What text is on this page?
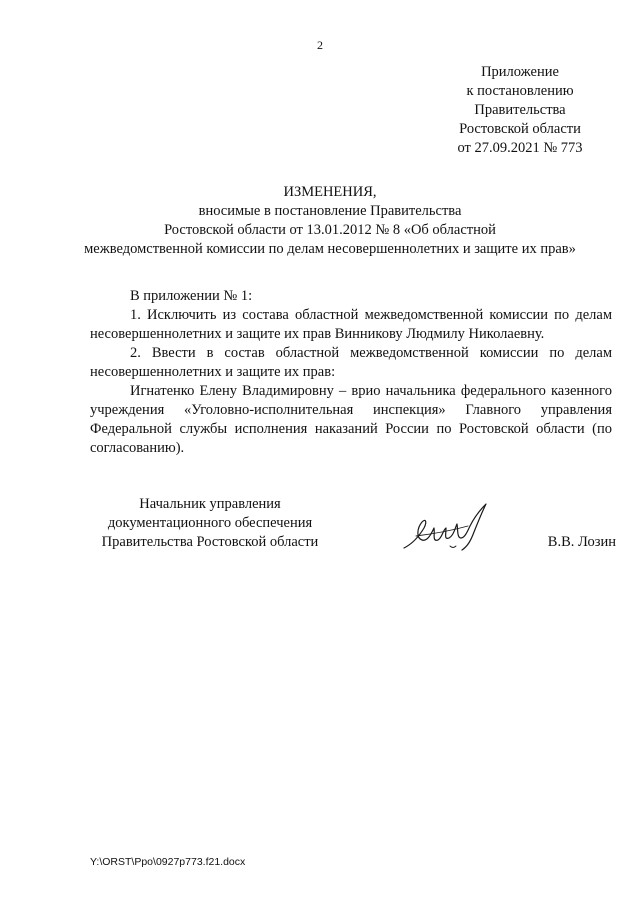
2
Приложение
к постановлению
Правительства
Ростовской области
от 27.09.2021 № 773
ИЗМЕНЕНИЯ,
вносимые в постановление Правительства
Ростовской области от 13.01.2012 № 8 «Об областной
межведомственной комиссии по делам несовершеннолетних и защите их прав»

В приложении № 1:

1. Исключить из состава областной межведомственной комиссии по делам несовершеннолетних и защите их прав Винникову Людмилу Николаевну.

2. Ввести в состав областной межведомственной комиссии по делам несовершеннолетних и защите их прав:

Игнатенко Елену Владимировну – врио начальника федерального казенного учреждения «Уголовно-исполнительная инспекция» Главного управления Федеральной службы исполнения наказаний России по Ростовской области (по согласованию).

Начальник управления
документационного обеспечения
Правительства Ростовской области	В.В. Лозин
Y:\ORST\Ppo\0927p773.f21.docx
